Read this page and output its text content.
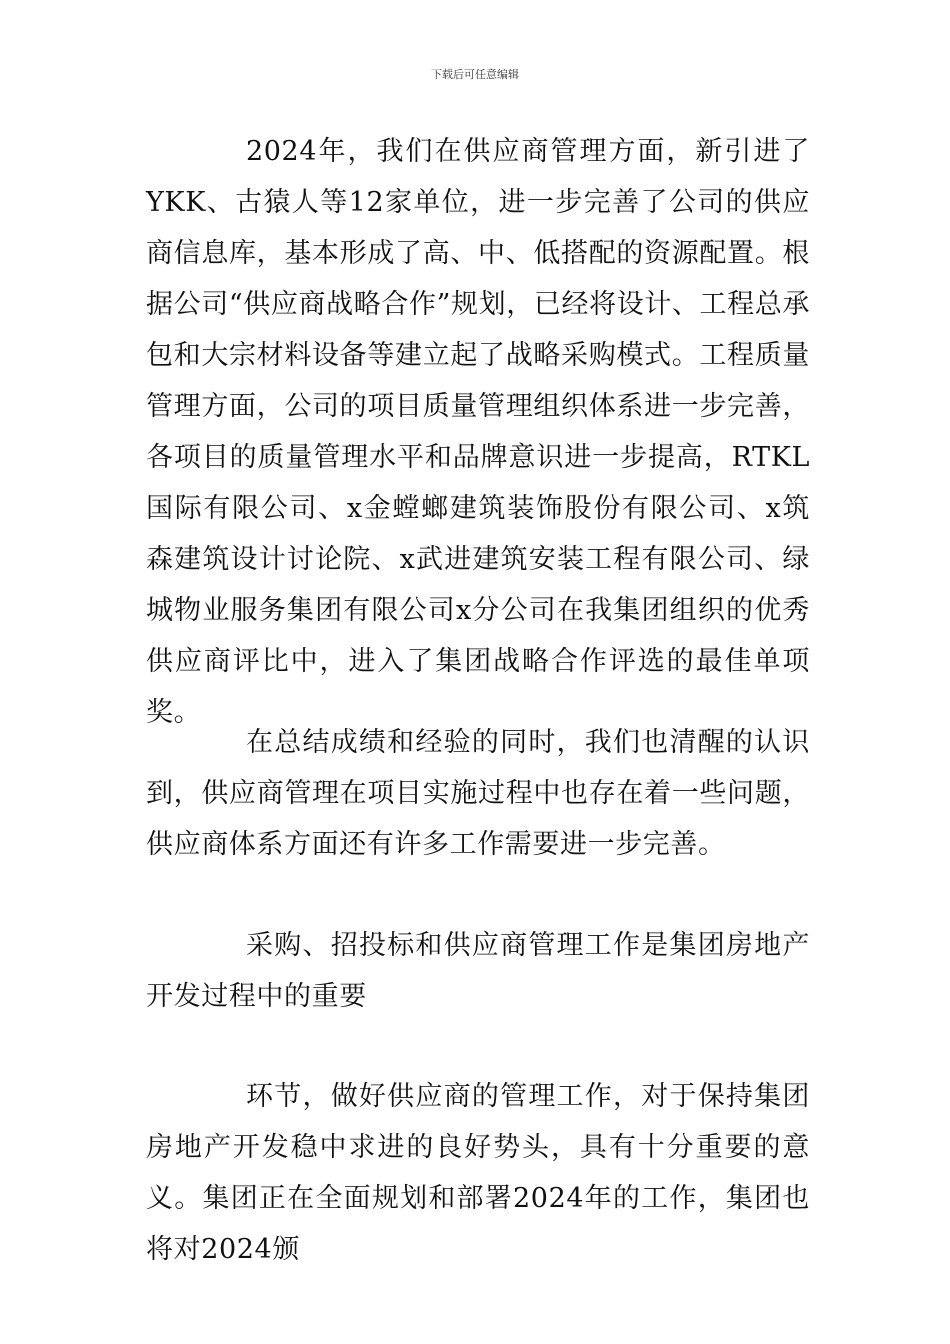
下载后可任意编辑

2024年，我们在供应商管理方面，新引进了YKK、古猿人等12家单位，进一步完善了公司的供应商信息库，基本形成了高、中、低搭配的资源配置。根据公司“供应商战略合作”规划，已经将设计、工程总承包和大宗材料设备等建立起了战略采购模式。工程质量管理方面，公司的项目质量管理组织体系进一步完善，各项目的质量管理水平和品牌意识进一步提高，RTKL国际有限公司、x金螳螂建筑装饰股份有限公司、x筑森建筑设计讨论院、x武进建筑安装工程有限公司、绿城物业服务集团有限公司x分公司在我集团组织的优秀供应商评比中，进入了集团战略合作评选的最佳单项奖。

在总结成绩和经验的同时，我们也清醒的认识到，供应商管理在项目实施过程中也存在着一些问题，供应商体系方面还有许多工作需要进一步完善。

采购、招投标和供应商管理工作是集团房地产开发过程中的重要

环节，做好供应商的管理工作，对于保持集团房地产开发稳中求进的良好势头，具有十分重要的意义。集团正在全面规划和部署2024年的工作，集团也将对2024颁
